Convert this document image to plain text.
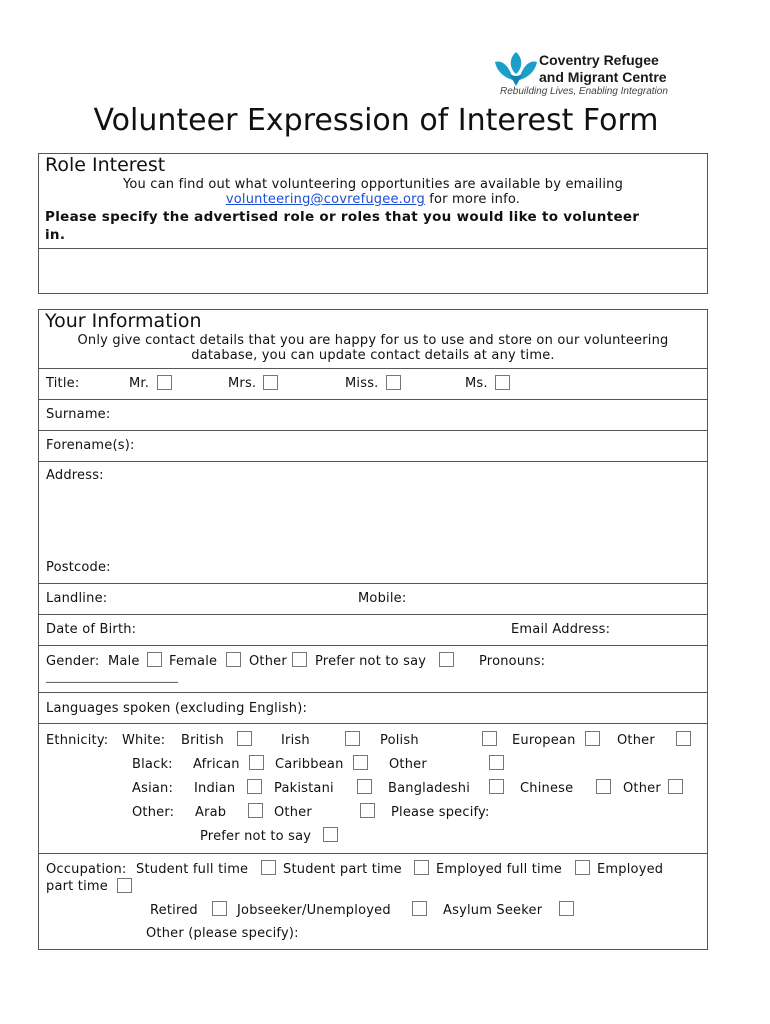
Coventry Refugee
and Migrant Centre
Rebuilding Lives, Enabling Integration
Volunteer Expression of Interest Form
Role Interest
You can find out what volunteering opportunities are available by emailing
volunteering@covrefugee.org for more info.
Please specify the advertised role or roles that you would like to volunteer in.
Your Information
Only give contact details that you are happy for us to use and store on our volunteering database, you can update contact details at any time.
Title:	Mr.	Mrs.	Miss.	Ms.
Surname:
Forename(s):
Address:
Postcode:
Landline:	Mobile:
Date of Birth:	Email Address:
Gender: Male Female Other Prefer not to say	Pronouns:
________________________
Languages spoken (excluding English):
Ethnicity: White: British	Irish	Polish	European	Other
Black: African	Caribbean	Other
Asian: Indian	Pakistani	Bangladeshi	Chinese	Other
Other: Arab	Other	Please specify:
Prefer not to say
Occupation: Student full time	Student part time	Employed full time	Employed
part time
Retired	Jobseeker/Unemployed	Asylum Seeker
Other (please specify):
